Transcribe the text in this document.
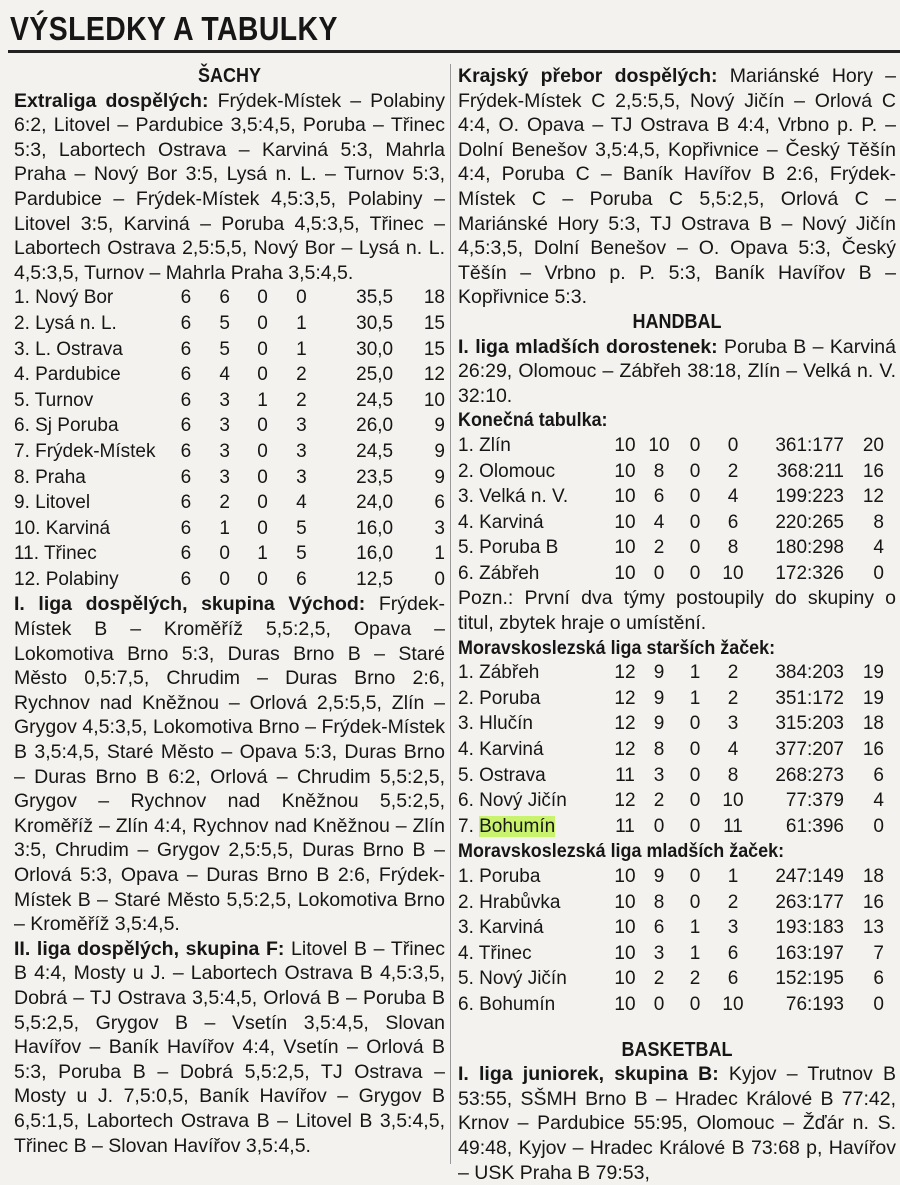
VÝSLEDKY A TABULKY
ŠACHY

Extraliga dospělých: Frýdek-Místek – Polabiny 6:2, Litovel – Pardubice 3,5:4,5, Poruba – Třinec 5:3, Labortech Ostrava – Karviná 5:3, Mahrla Praha – Nový Bor 3:5, Lysá n. L. – Turnov 5:3, Pardubice – Frýdek-Místek 4,5:3,5, Polabiny – Litovel 3:5, Karviná – Poruba 4,5:3,5, Třinec – Labortech Ostrava 2,5:5,5, Nový Bor – Lysá n. L. 4,5:3,5, Turnov – Mahrla Praha 3,5:4,5.

1. Nový Bor	6	6	0	0	35,5	18
2. Lysá n. L.	6	5	0	1	30,5	15
3. L. Ostrava	6	5	0	1	30,0	15
4. Pardubice	6	4	0	2	25,0	12
5. Turnov	6	3	1	2	24,5	10
6. Sj Poruba	6	3	0	3	26,0	9
7. Frýdek-Místek	6	3	0	3	24,5	9
8. Praha	6	3	0	3	23,5	9
9. Litovel	6	2	0	4	24,0	6
10. Karviná	6	1	0	5	16,0	3
11. Třinec	6	0	1	5	16,0	1
12. Polabiny	6	0	0	6	12,5	0

I. liga dospělých, skupina Východ: Frýdek-Místek B – Kroměříž 5,5:2,5, Opava – Lokomotiva Brno 5:3, Duras Brno B – Staré Město 0,5:7,5, Chrudim – Duras Brno 2:6, Rychnov nad Kněžnou – Orlová 2,5:5,5, Zlín – Grygov 4,5:3,5, Lokomotiva Brno – Frýdek-Místek B 3,5:4,5, Staré Město – Opava 5:3, Duras Brno – Duras Brno B 6:2, Orlová – Chrudim 5,5:2,5, Grygov – Rychnov nad Kněžnou 5,5:2,5, Kroměříž – Zlín 4:4, Rychnov nad Kněžnou – Zlín 3:5, Chrudim – Grygov 2,5:5,5, Duras Brno B – Orlová 5:3, Opava – Duras Brno B 2:6, Frýdek-Místek B – Staré Město 5,5:2,5, Lokomotiva Brno – Kroměříž 3,5:4,5.

II. liga dospělých, skupina F: Litovel B – Třinec B 4:4, Mosty u J. – Labortech Ostrava B 4,5:3,5, Dobrá – TJ Ostrava 3,5:4,5, Orlová B – Poruba B 5,5:2,5, Grygov B – Vsetín 3,5:4,5, Slovan Havířov – Baník Havířov 4:4, Vsetín – Orlová B 5:3, Poruba B – Dobrá 5,5:2,5, TJ Ostrava – Mosty u J. 7,5:0,5, Baník Havířov – Grygov B 6,5:1,5, Labortech Ostrava B – Litovel B 3,5:4,5, Třinec B – Slovan Havířov 3,5:4,5.

Krajský přebor dospělých: Mariánské Hory – Frýdek-Místek C 2,5:5,5, Nový Jičín – Orlová C 4:4, O. Opava – TJ Ostrava B 4:4, Vrbno p. P. – Dolní Benešov 3,5:4,5, Kopřivnice – Český Těšín 4:4, Poruba C – Baník Havířov B 2:6, Frýdek-Místek C – Poruba C 5,5:2,5, Orlová C – Mariánské Hory 5:3, TJ Ostrava B – Nový Jičín 4,5:3,5, Dolní Benešov – O. Opava 5:3, Český Těšín – Vrbno p. P. 5:3, Baník Havířov B – Kopřivnice 5:3.

HANDBAL

I. liga mladších dorostenek: Poruba B – Karviná 26:29, Olomouc – Zábřeh 38:18, Zlín – Velká n. V. 32:10.

Konečná tabulka:

1. Zlín	10	10	0	0	361:177	20
2. Olomouc	10	8	0	2	368:211	16
3. Velká n. V.	10	6	0	4	199:223	12
4. Karviná	10	4	0	6	220:265	8
5. Poruba B	10	2	0	8	180:298	4
6. Zábřeh	10	0	0	10	172:326	0

Pozn.: První dva týmy postoupily do skupiny o titul, zbytek hraje o umístění.

Moravskoslezská liga starších žaček:

1. Zábřeh	12	9	1	2	384:203	19
2. Poruba	12	9	1	2	351:172	19
3. Hlučín	12	9	0	3	315:203	18
4. Karviná	12	8	0	4	377:207	16
5. Ostrava	11	3	0	8	268:273	6
6. Nový Jičín	12	2	0	10	77:379	4
7. Bohumín	11	0	0	11	61:396	0

Moravskoslezská liga mladších žaček:

1. Poruba	10	9	0	1	247:149	18
2. Hrabůvka	10	8	0	2	263:177	16
3. Karviná	10	6	1	3	193:183	13
4. Třinec	10	3	1	6	163:197	7
5. Nový Jičín	10	2	2	6	152:195	6
6. Bohumín	10	0	0	10	76:193	0
BASKETBAL

I. liga juniorek, skupina B: Kyjov – Trutnov B 53:55, SŠMH Brno B – Hradec Králové B 77:42, Krnov – Pardubice 55:95, Olomouc – Žďár n. S. 49:48, Kyjov – Hradec Králové B 73:68 p, Havířov – USK Praha B 79:53,
